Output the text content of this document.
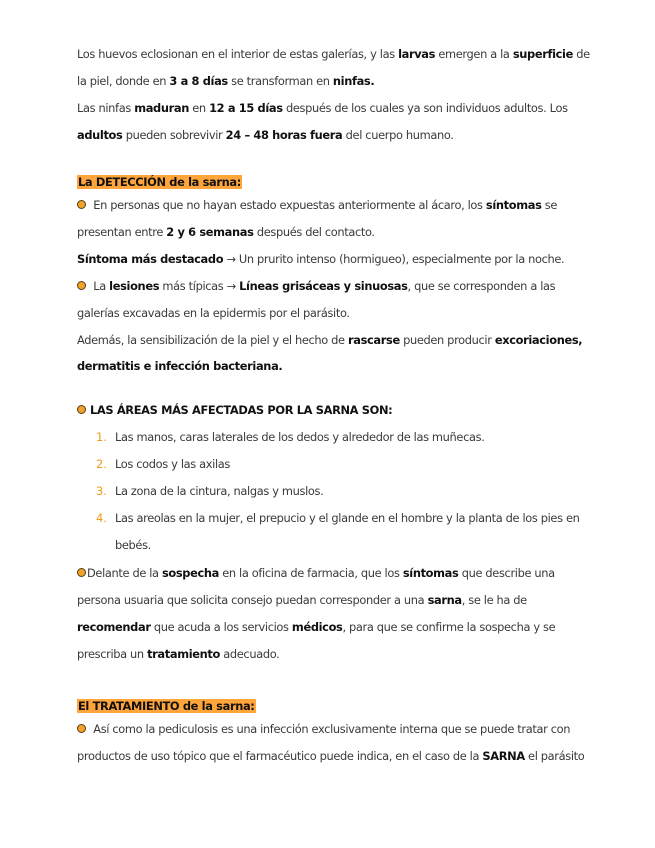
Los huevos eclosionan en el interior de estas galerías, y las larvas emergen a la superficie de
la piel, donde en 3 a 8 días se transforman en ninfas.
Las ninfas maduran en 12 a 15 días después de los cuales ya son individuos adultos. Los
adultos pueden sobrevivir 24 – 48 horas fuera del cuerpo humano.
La DETECCIÓN de la sarna:
En personas que no hayan estado expuestas anteriormente al ácaro, los síntomas se
presentan entre 2 y 6 semanas después del contacto.
Síntoma más destacado → Un prurito intenso (hormigueo), especialmente por la noche.
La lesiones más típicas → Líneas grisáceas y sinuosas, que se corresponden a las
galerías excavadas en la epidermis por el parásito.
Además, la sensibilización de la piel y el hecho de rascarse pueden producir excoriaciones,
dermatitis e infección bacteriana.
LAS ÁREAS MÁS AFECTADAS POR LA SARNA SON:
1. Las manos, caras laterales de los dedos y alrededor de las muñecas.
2. Los codos y las axilas
3. La zona de la cintura, nalgas y muslos.
4. Las areolas en la mujer, el prepucio y el glande en el hombre y la planta de los pies en
bebés.
Delante de la sospecha en la oficina de farmacia, que los síntomas que describe una
persona usuaria que solicita consejo puedan corresponder a una sarna, se le ha de
recomendar que acuda a los servicios médicos, para que se confirme la sospecha y se
prescriba un tratamiento adecuado.
El TRATAMIENTO de la sarna:
Así como la pediculosis es una infección exclusivamente interna que se puede tratar con
productos de uso tópico que el farmacéutico puede indica, en el caso de la SARNA el parásito
